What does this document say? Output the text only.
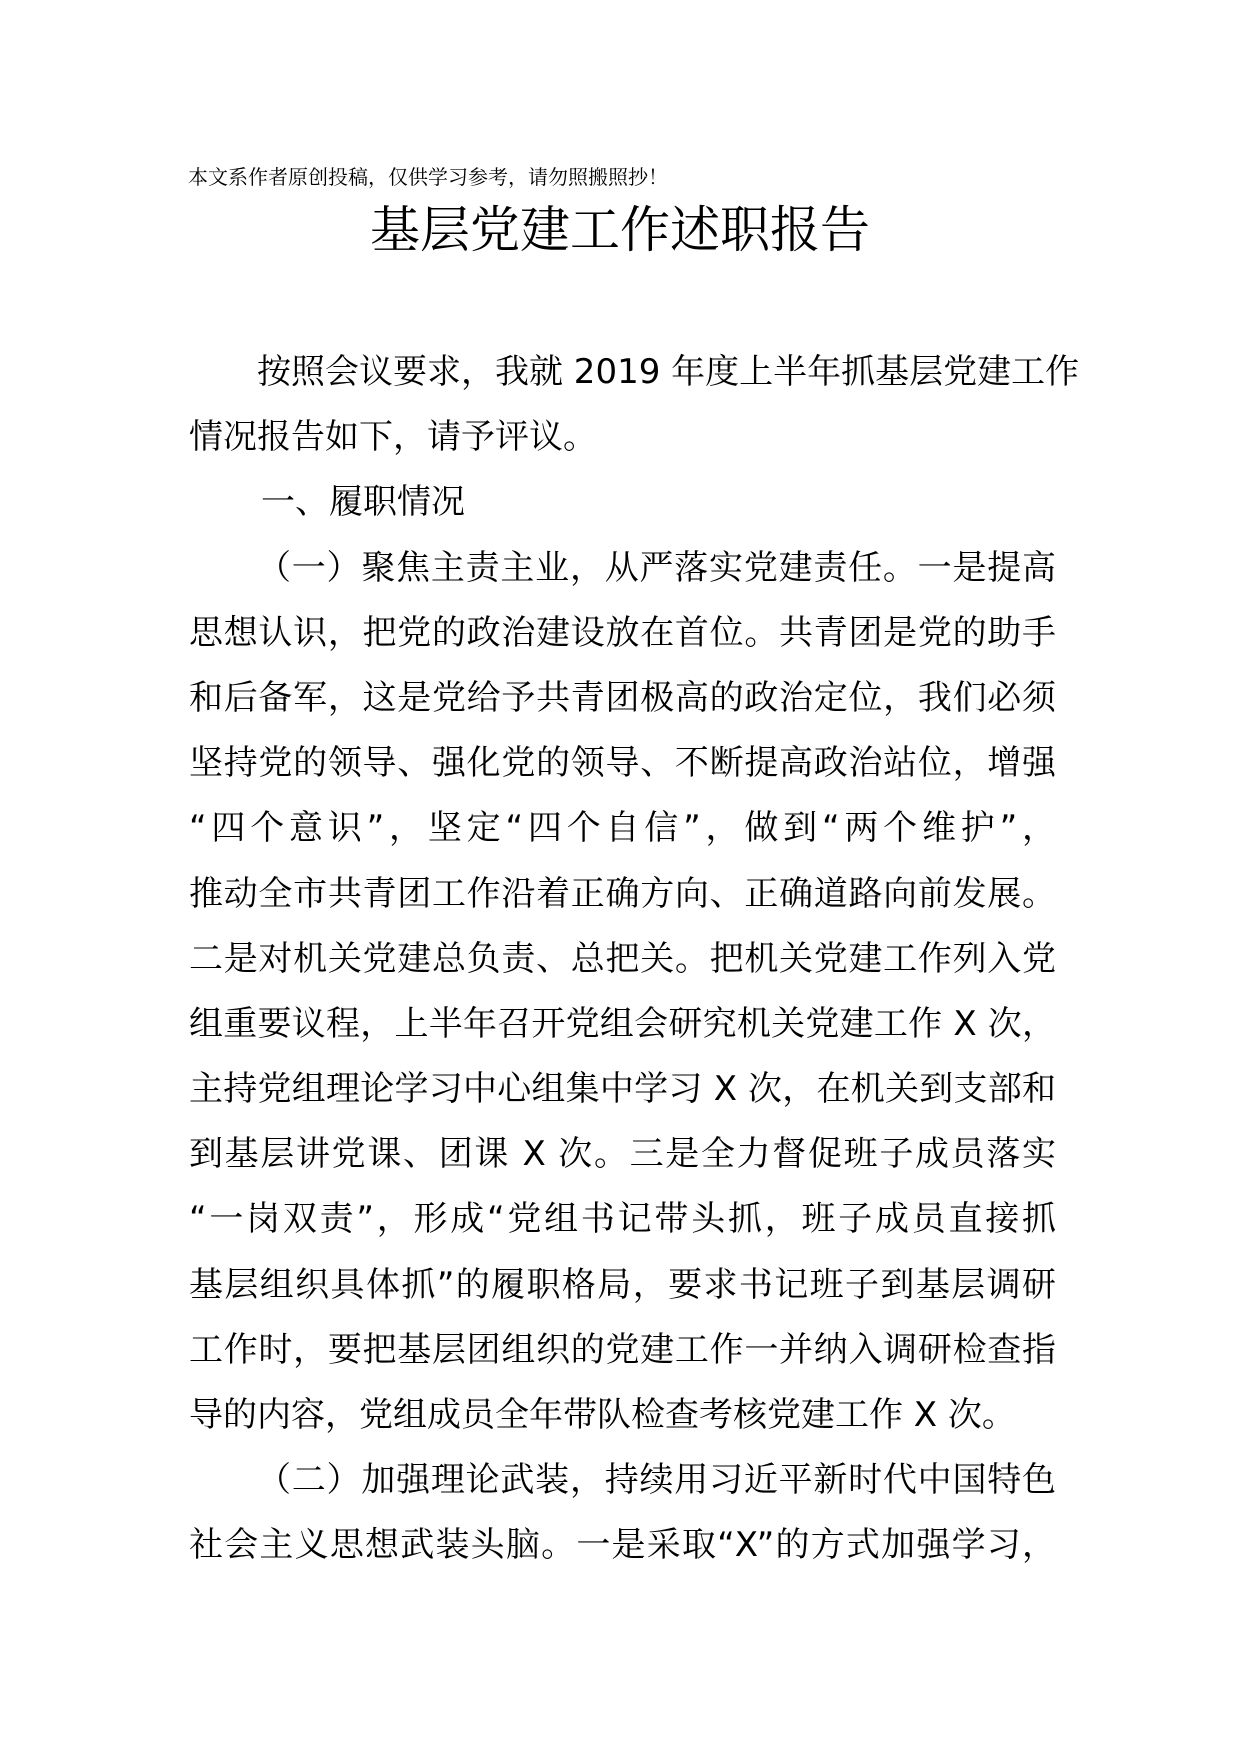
本文系作者原创投稿，仅供学习参考，请勿照搬照抄！
基层党建工作述职报告
按照会议要求，我就 2019 年度上半年抓基层党建工作
情况报告如下，请予评议。
一、履职情况
（一）聚焦主责主业，从严落实党建责任。一是提高
思想认识，把党的政治建设放在首位。共青团是党的助手
和后备军，这是党给予共青团极高的政治定位，我们必须
坚持党的领导、强化党的领导、不断提高政治站位，增强
“四个意识”，坚定“四个自信”，做到“两个维护”，
推动全市共青团工作沿着正确方向、正确道路向前发展。
二是对机关党建总负责、总把关。把机关党建工作列入党
组重要议程，上半年召开党组会研究机关党建工作 X 次，
主持党组理论学习中心组集中学习 X 次，在机关到支部和
到基层讲党课、团课 X 次。三是全力督促班子成员落实
“一岗双责”，形成“党组书记带头抓，班子成员直接抓
基层组织具体抓”的履职格局，要求书记班子到基层调研
工作时，要把基层团组织的党建工作一并纳入调研检查指
导的内容，党组成员全年带队检查考核党建工作 X 次。
（二）加强理论武装，持续用习近平新时代中国特色
社会主义思想武装头脑。一是采取“X”的方式加强学习，
